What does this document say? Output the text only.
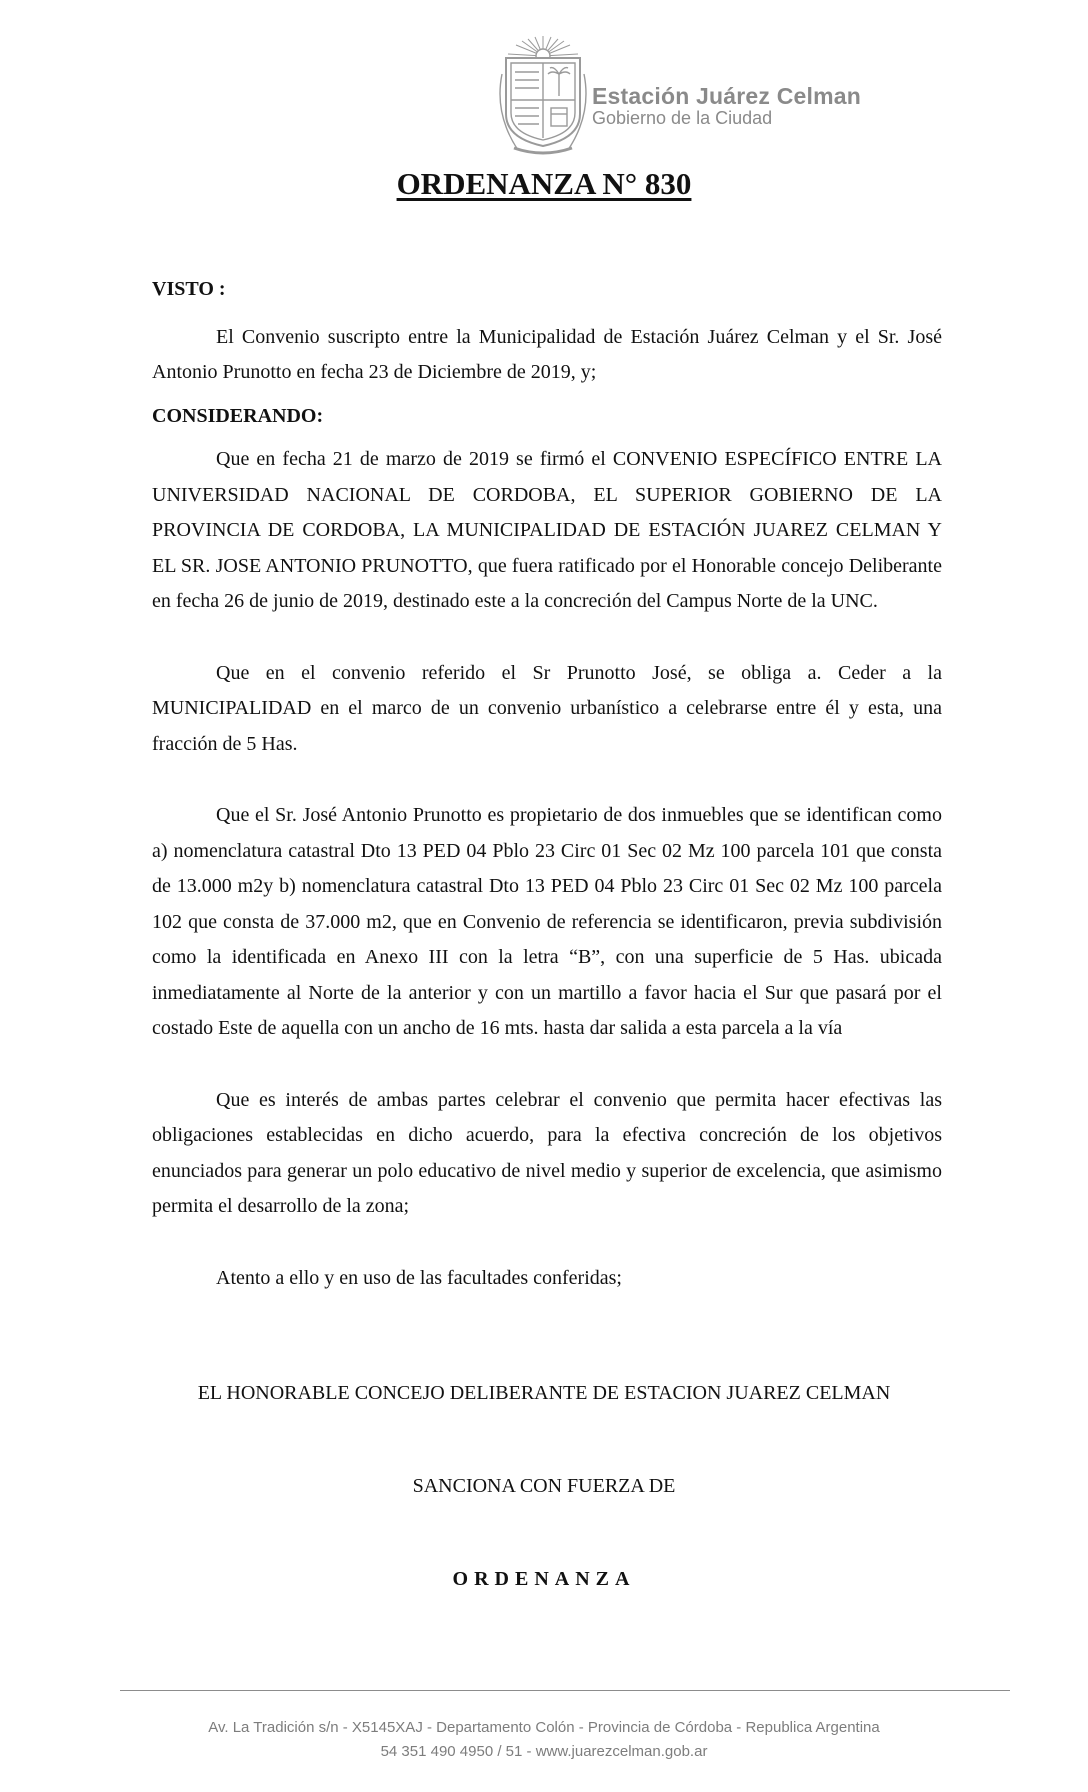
Estación Juárez Celman
Gobierno de la Ciudad
ORDENANZA N° 830
VISTO :

El Convenio suscripto entre la Municipalidad de Estación Juárez Celman y el Sr. José Antonio Prunotto en fecha 23 de Diciembre de 2019, y;

CONSIDERANDO:

Que en fecha 21 de marzo de 2019 se firmó el CONVENIO ESPECÍFICO ENTRE LA UNIVERSIDAD NACIONAL DE CORDOBA, EL SUPERIOR GOBIERNO DE LA PROVINCIA DE CORDOBA, LA MUNICIPALIDAD DE ESTACIÓN JUAREZ CELMAN Y EL SR. JOSE ANTONIO PRUNOTTO, que fuera ratificado por el Honorable concejo Deliberante en fecha 26 de junio de 2019, destinado este a la concreción del Campus Norte de la UNC.

Que en el convenio referido el Sr Prunotto José, se obliga a. Ceder a la MUNICIPALIDAD en el marco de un convenio urbanístico a celebrarse entre él y esta, una fracción de 5 Has.

Que el Sr. José Antonio Prunotto es propietario de dos inmuebles que se identifican como a) nomenclatura catastral Dto 13 PED 04 Pblo 23 Circ 01 Sec 02 Mz 100 parcela 101 que consta de 13.000 m2y b) nomenclatura catastral Dto 13 PED 04 Pblo 23 Circ 01 Sec 02 Mz 100 parcela 102 que consta de 37.000 m2, que en Convenio de referencia se identificaron, previa subdivisión como la identificada en Anexo III con la letra “B”, con una superficie de 5 Has. ubicada inmediatamente al Norte de la anterior y con un martillo a favor hacia el Sur que pasará por el costado Este de aquella con un ancho de 16 mts. hasta dar salida a esta parcela a la vía

Que es interés de ambas partes celebrar el convenio que permita hacer efectivas las obligaciones establecidas en dicho acuerdo, para la efectiva concreción de los objetivos enunciados para generar un polo educativo de nivel medio y superior de excelencia, que asimismo permita el desarrollo de la zona;

Atento a ello y en uso de las facultades conferidas;

EL HONORABLE CONCEJO DELIBERANTE DE ESTACION JUAREZ CELMAN
SANCIONA CON FUERZA DE
ORDENANZA
Av. La Tradición s/n - X5145XAJ - Departamento Colón - Provincia de Córdoba - Republica Argentina
54 351 490 4950 / 51 - www.juarezcelman.gob.ar
